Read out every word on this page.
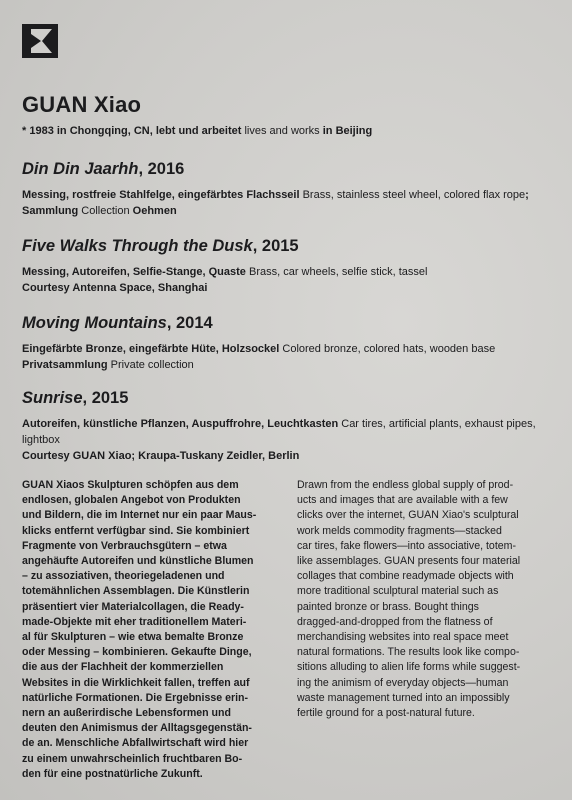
GUAN Xiao

* 1983 in Chongqing, CN, lebt und arbeitet lives and works in Beijing

Din Din Jaarhh, 2016

Messing, rostfreie Stahlfelge, eingefärbtes Flachsseil Brass, stainless steel wheel, colored flax rope; Sammlung Collection Oehmen

Five Walks Through the Dusk, 2015

Messing, Autoreifen, Selfie-Stange, Quaste Brass, car wheels, selfie stick, tassel

Courtesy Antenna Space, Shanghai

Moving Mountains, 2014

Eingefärbte Bronze, eingefärbte Hüte, Holzsockel Colored bronze, colored hats, wooden base

Privatsammlung Private collection

Sunrise, 2015

Autoreifen, künstliche Pflanzen, Auspuffrohre, Leuchtkasten Car tires, artificial plants, exhaust pipes, lightbox

Courtesy GUAN Xiao; Kraupa-Tuskany Zeidler, Berlin

GUAN Xiaos Skulpturen schöpfen aus dem
endlosen, globalen Angebot von Produkten
und Bildern, die im Internet nur ein paar Maus-
klicks entfernt verfügbar sind. Sie kombiniert
Fragmente von Verbrauchsgütern – etwa
angehäufte Autoreifen und künstliche Blumen
– zu assoziativen, theoriegeladenen und
totemähnlichen Assemblagen. Die Künstlerin
präsentiert vier Materialcollagen, die Ready-
made-Objekte mit eher traditionellem Materi-
al für Skulpturen – wie etwa bemalte Bronze
oder Messing – kombinieren. Gekaufte Dinge,
die aus der Flachheit der kommerziellen
Websites in die Wirklichkeit fallen, treffen auf
natürliche Formationen. Die Ergebnisse erin-
nern an außerirdische Lebensformen und
deuten den Animismus der Alltagsgegenstän-
de an. Menschliche Abfallwirtschaft wird hier
zu einem unwahrscheinlich fruchtbaren Bo-
den für eine postnatürliche Zukunft.
Drawn from the endless global supply of prod-
ucts and images that are available with a few
clicks over the internet, GUAN Xiao's sculptural
work melds commodity fragments—stacked
car tires, fake flowers—into associative, totem-
like assemblages. GUAN presents four material
collages that combine readymade objects with
more traditional sculptural material such as
painted bronze or brass. Bought things
dragged-and-dropped from the flatness of
merchandising websites into real space meet
natural formations. The results look like compo-
sitions alluding to alien life forms while suggest-
ing the animism of everyday objects—human
waste management turned into an impossibly
fertile ground for a post-natural future.
